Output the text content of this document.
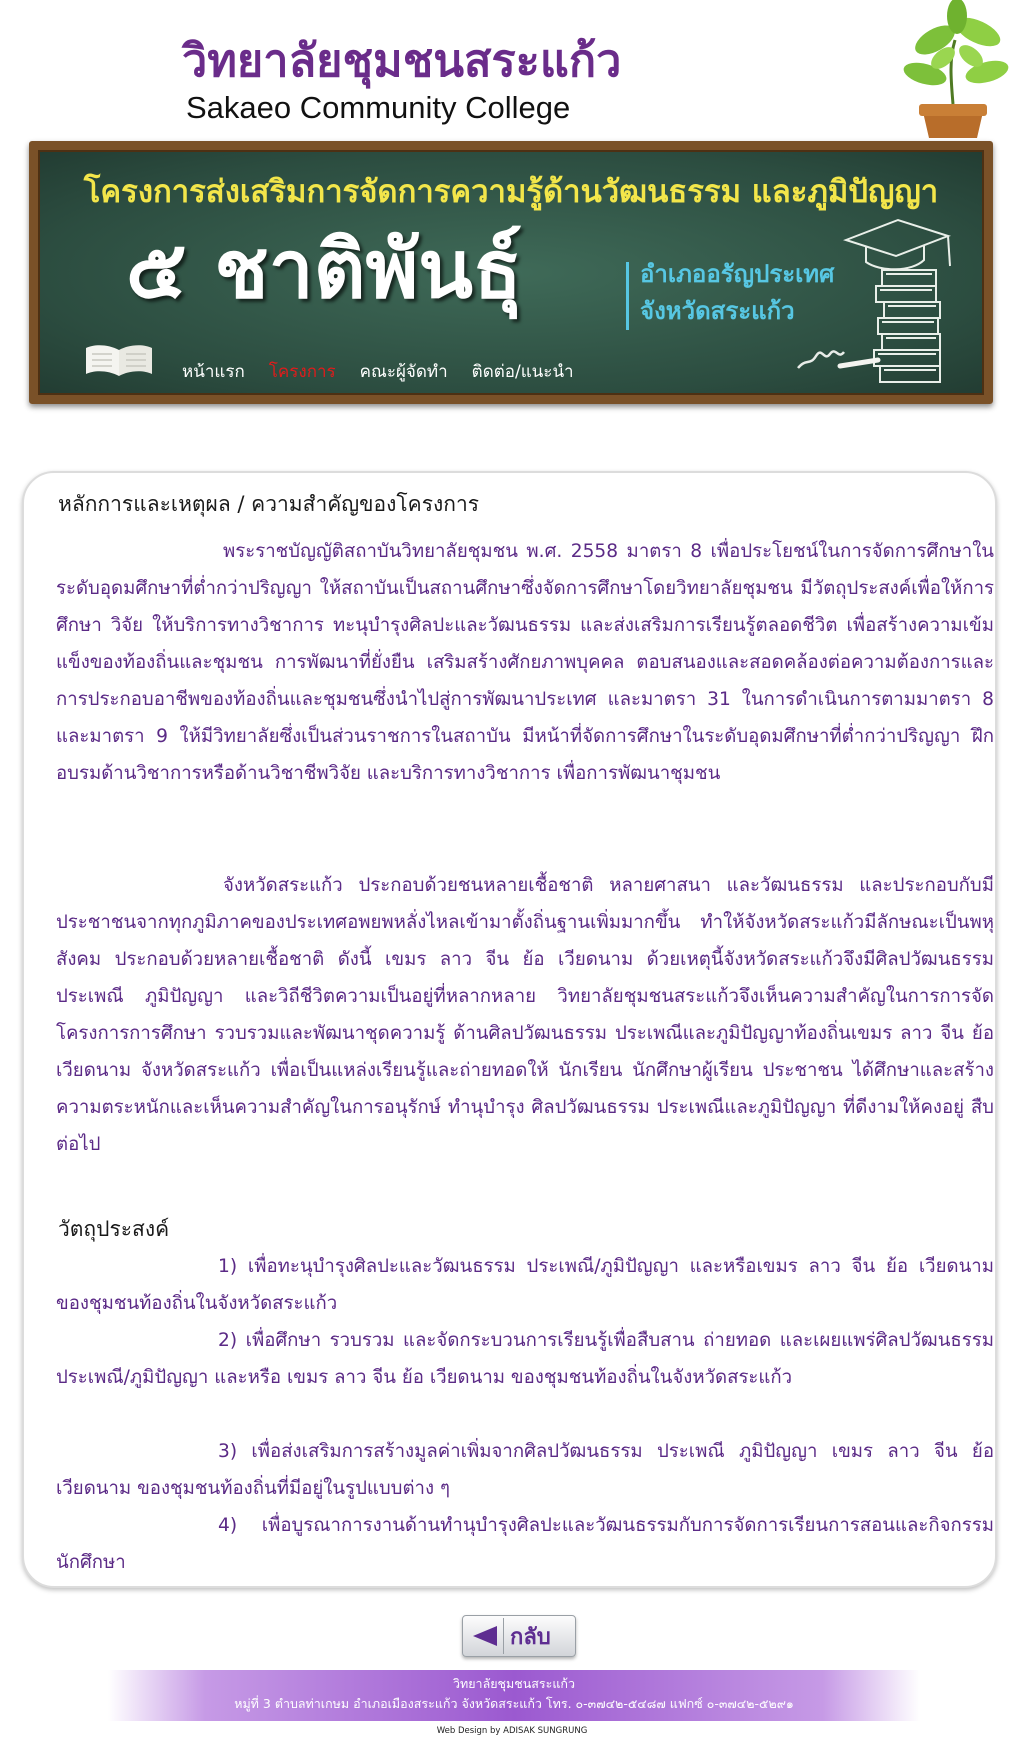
วิทยาลัยชุมชนสระแก้ว
Sakaeo Community College
โครงการส่งเสริมการจัดการความรู้ด้านวัฒนธรรม และภูมิปัญญา
๕ ชาติพันธุ์	อำเภออรัญประเทศ
จังหวัดสระแก้ว
หน้าแรก โครงการ คณะผู้จัดทำ ติดต่อ/แนะนำ
หลักการและเหตุผล / ความสำคัญของโครงการ

พระราชบัญญัติสถาบันวิทยาลัยชุมชน พ.ศ. 2558 มาตรา 8 เพื่อประโยชน์ในการจัดการศึกษาในระดับอุดมศึกษาที่ต่ำกว่าปริญญา ให้สถาบันเป็นสถานศึกษาซึ่งจัดการศึกษาโดยวิทยาลัยชุมชน มีวัตถุประสงค์เพื่อให้การศึกษา วิจัย ให้บริการทางวิชาการ ทะนุบำรุงศิลปะและวัฒนธรรม และส่งเสริมการเรียนรู้ตลอดชีวิต เพื่อสร้างความเข้มแข็งของท้องถิ่นและชุมชน การพัฒนาที่ยั่งยืน เสริมสร้างศักยภาพบุคคล ตอบสนองและสอดคล้องต่อความต้องการและการประกอบอาชีพของท้องถิ่นและชุมชนซึ่งนำไปสู่การพัฒนาประเทศ และมาตรา 31 ในการดำเนินการตามมาตรา 8 และมาตรา 9 ให้มีวิทยาลัยซึ่งเป็นส่วนราชการในสถาบัน มีหน้าที่จัดการศึกษาในระดับอุดมศึกษาที่ต่ำกว่าปริญญา ฝึกอบรมด้านวิชาการหรือด้านวิชาชีพวิจัย และบริการทางวิชาการ เพื่อการพัฒนาชุมชน

จังหวัดสระแก้ว ประกอบด้วยชนหลายเชื้อชาติ หลายศาสนา และวัฒนธรรม และประกอบกับมีประชาชนจากทุกภูมิภาคของประเทศอพยพหลั่งไหลเข้ามาตั้งถิ่นฐานเพิ่มมากขึ้น ทำให้จังหวัดสระแก้วมีลักษณะเป็นพหุสังคม ประกอบด้วยหลายเชื้อชาติ ดังนี้ เขมร ลาว จีน ย้อ เวียดนาม ด้วยเหตุนี้จังหวัดสระแก้วจึงมีศิลปวัฒนธรรม ประเพณี ภูมิปัญญา และวิถีชีวิตความเป็นอยู่ที่หลากหลาย วิทยาลัยชุมชนสระแก้วจึงเห็นความสำคัญในการการจัดโครงการการศึกษา รวบรวมและพัฒนาชุดความรู้ ด้านศิลปวัฒนธรรม ประเพณีและภูมิปัญญาท้องถิ่นเขมร ลาว จีน ย้อ เวียดนาม จังหวัดสระแก้ว เพื่อเป็นแหล่งเรียนรู้และถ่ายทอดให้ นักเรียน นักศึกษาผู้เรียน ประชาชน ได้ศึกษาและสร้างความตระหนักและเห็นความสำคัญในการอนุรักษ์ ทำนุบำรุง ศิลปวัฒนธรรม ประเพณีและภูมิปัญญา ที่ดีงามให้คงอยู่ สืบต่อไป

วัตถุประสงค์

1) เพื่อทะนุบำรุงศิลปะและวัฒนธรรม ประเพณี/ภูมิปัญญา และหรือเขมร ลาว จีน ย้อ เวียดนาม ของชุมชนท้องถิ่นในจังหวัดสระแก้ว

2) เพื่อศึกษา รวบรวม และจัดกระบวนการเรียนรู้เพื่อสืบสาน ถ่ายทอด และเผยแพร่ศิลปวัฒนธรรม ประเพณี/ภูมิปัญญา และหรือ เขมร ลาว จีน ย้อ เวียดนาม ของชุมชนท้องถิ่นในจังหวัดสระแก้ว

3) เพื่อส่งเสริมการสร้างมูลค่าเพิ่มจากศิลปวัฒนธรรม ประเพณี ภูมิปัญญา เขมร ลาว จีน ย้อ เวียดนาม ของชุมชนท้องถิ่นที่มีอยู่ในรูปแบบต่าง ๆ

4) เพื่อบูรณาการงานด้านทำนุบำรุงศิลปะและวัฒนธรรมกับการจัดการเรียนการสอนและกิจกรรมนักศึกษา

กลับ
วิทยาลัยชุมชนสระแก้ว
หมู่ที่ 3 ตำบลท่าเกษม อำเภอเมืองสระแก้ว จังหวัดสระแก้ว โทร. ๐-๓๗๔๒-๕๔๘๗ แฟกซ์ ๐-๓๗๔๒-๕๒๙๑
Web Design by ADISAK SUNGRUNG
